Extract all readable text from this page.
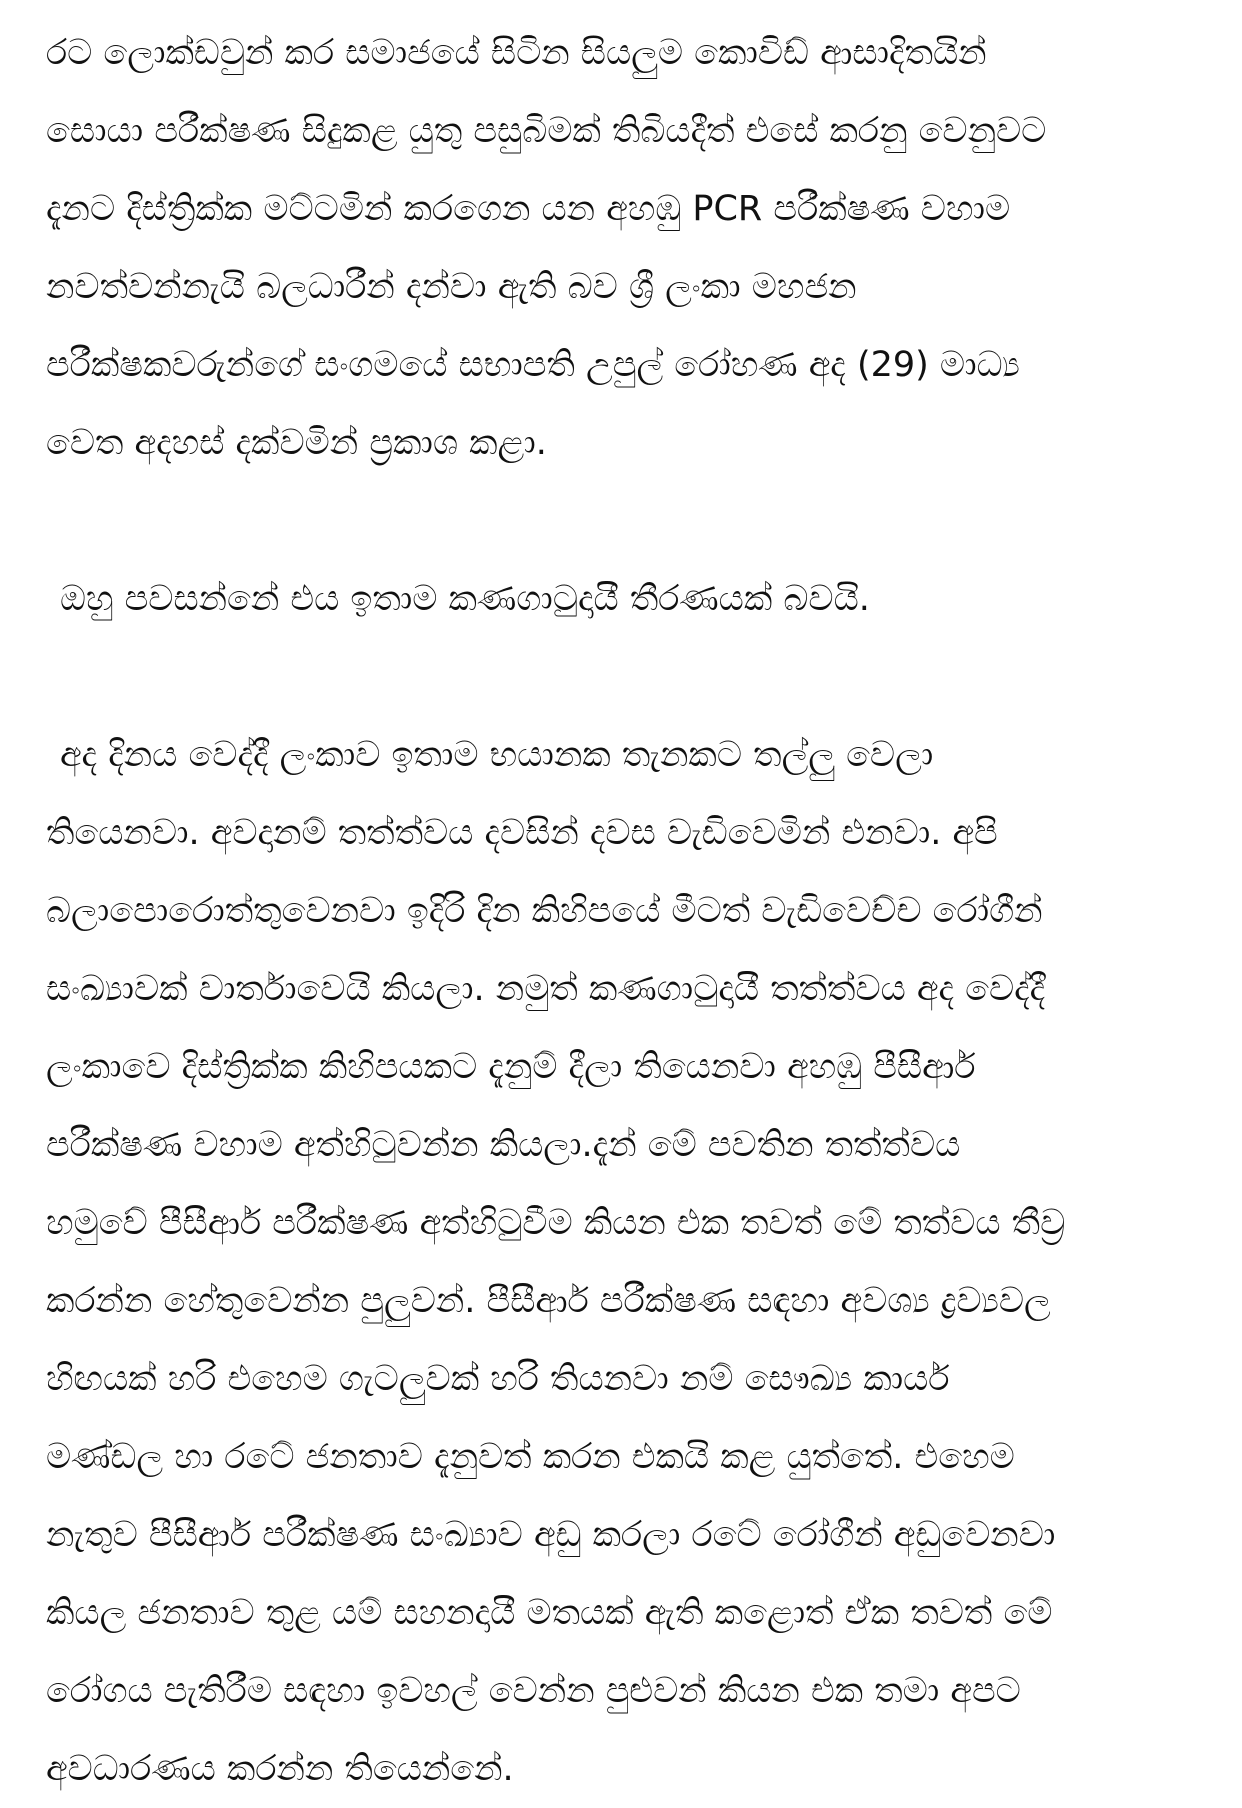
රට ලොක්ඩවුන් කර සමාජයේ සිටින සියලුම කොවිඩ් ආසාදිතයින්
සොයා පරීක්ෂණ සිදුකළ යුතු පසුබිමක් තිබියදීත් එසේ කරනු වෙනුවට
දැනට දිස්ත්‍රික්ක මට්ටමින් කරගෙන යන අහඹු PCR පරීක්ෂණ වහාම
නවත්වන්නැයි බලධාරීන් දන්වා ඇති බව ශ්‍රී ලංකා මහජන
පරීක්ෂකවරුන්ගේ සංගමයේ සභාපති උපුල් රෝහණ අද (29) මාධ්‍ය
වෙත අදහස් දක්වමින් ප්‍රකාශ කළා.
ඔහු පවසන්නේ එය ඉතාම කණගාටුදායී තීරණයක් බවයි.
අද දිනය වෙද්දී ලංකාව ඉතාම භයානක තැනකට තල්ලු වෙලා
තියෙනවා. අවදානම් තත්ත්වය දවසින් දවස වැඩිවෙමින් එනවා. අපි
බලාපොරොත්තුවෙනවා ඉදිරි දින කිහිපයේ මීටත් වැඩිවෙච්ච රෝගීන්
සංඛ්‍යාවක් වාර්තාවෙයි කියලා. නමුත් කණගාටුදායී තත්ත්වය අද වෙද්දී
ලංකාවෙ දිස්ත්‍රික්ක කිහිපයකට දැනුම් දීලා තියෙනවා අහඹු පීසීආර්
පරීක්ෂණ වහාම අත්හිටුවන්න කියලා.දැන් මේ පවතින තත්ත්වය
හමුවේ පීසීආර් පරීක්ෂණ අත්හිටුවීම කියන එක තවත් මේ තත්වය තීව්‍ර
කරන්න හේතුවෙන්න පුලුවන්. පීසීආර් පරීක්ෂණ සඳහා අවශ්‍ය ද්‍රව්‍යවල
හිඟයක් හරි එහෙම ගැටලුවක් හරි තියනවා නම් සෞඛ්‍ය කාර්ය
මණ්ඩල හා රටේ ජනතාව දැනුවත් කරන එකයි කළ යුත්තේ. එහෙම
නැතුව පීසීආර් පරීක්ෂණ සංඛ්‍යාව අඩු කරලා රටේ රෝගීන් අඩුවෙනවා
කියල ජනතාව තුළ යම් සහනදායී මතයක් ඇති කළොත් ඒක තවත් මේ
රෝගය පැතිරීම සඳහා ඉවහල් වෙන්න පුළුවන් කියන එක තමා අපට
අවධාරණය කරන්න තියෙන්නේ.
